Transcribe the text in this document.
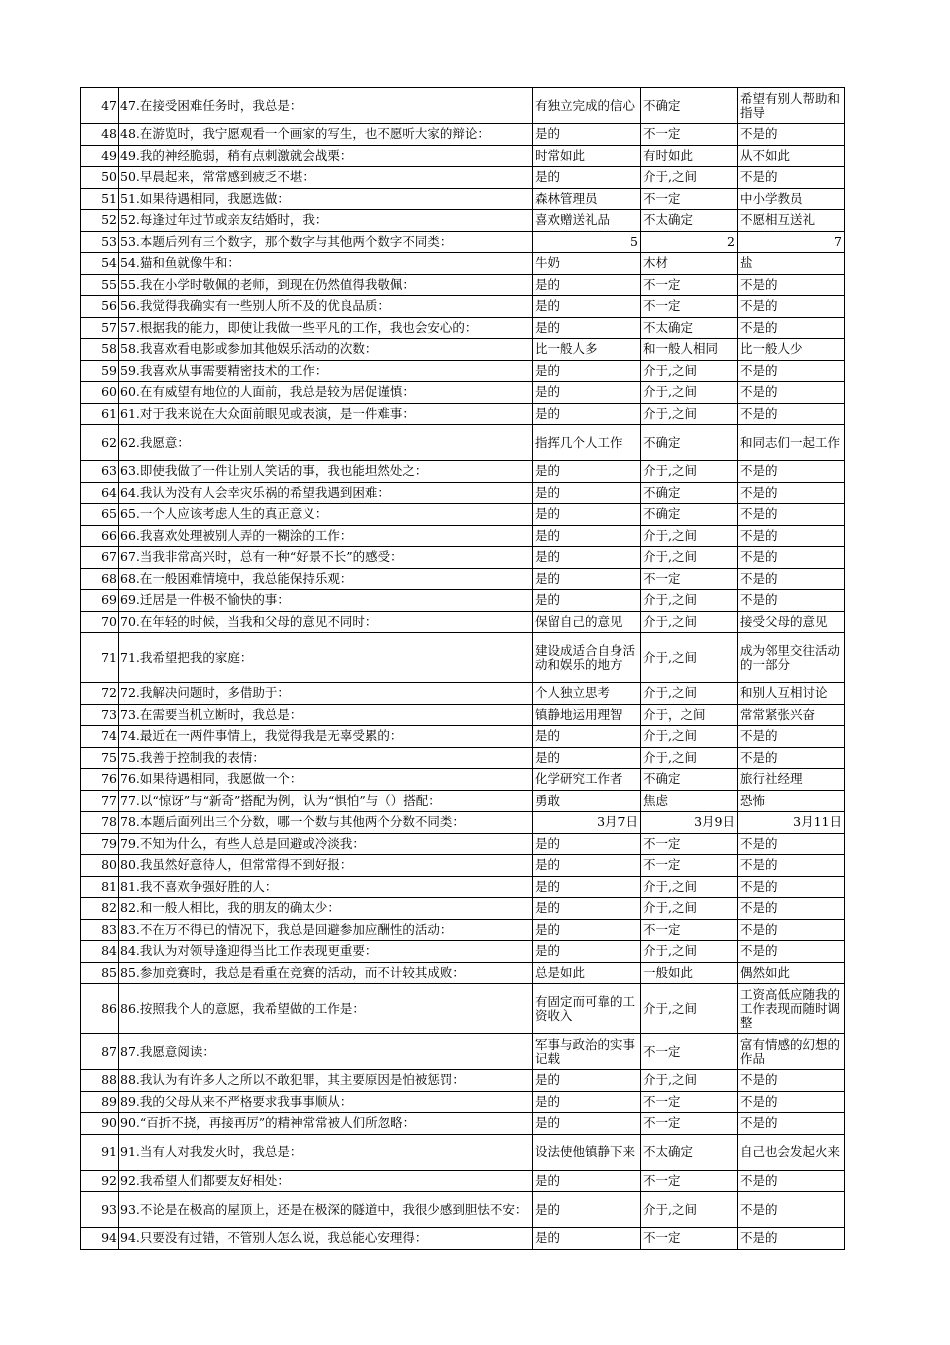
47	47.在接受困难任务时，我总是：	有独立完成的信心	不确定	希望有别人帮助和指导

48	48.在游览时，我宁愿观看一个画家的写生，也不愿听大家的辩论：	是的	不一定	不是的

49	49.我的神经脆弱，稍有点刺激就会战栗：	时常如此	有时如此	从不如此

50	50.早晨起来，常常感到疲乏不堪：	是的	介于,之间	不是的

51	51.如果待遇相同，我愿选做：	森林管理员	不一定	中小学教员

52	52.每逢过年过节或亲友结婚时，我：	喜欢赠送礼品	不太确定	不愿相互送礼

53	53.本题后列有三个数字，那个数字与其他两个数字不同类：	5	2	7

54	54.猫和鱼就像牛和：	牛奶	木材	盐

55	55.我在小学时敬佩的老师，到现在仍然值得我敬佩：	是的	不一定	不是的

56	56.我觉得我确实有一些别人所不及的优良品质：	是的	不一定	不是的

57	57.根据我的能力，即使让我做一些平凡的工作，我也会安心的：	是的	不太确定	不是的

58	58.我喜欢看电影或参加其他娱乐活动的次数：	比一般人多	和一般人相同	比一般人少

59	59.我喜欢从事需要精密技术的工作：	是的	介于,之间	不是的

60	60.在有威望有地位的人面前，我总是较为居促谨慎：	是的	介于,之间	不是的

61	61.对于我来说在大众面前眼见或表演，是一件难事：	是的	介于,之间	不是的

62	62.我愿意：	指挥几个人工作	不确定	和同志们一起工作

63	63.即使我做了一件让别人笑话的事，我也能坦然处之：	是的	介于,之间	不是的

64	64.我认为没有人会幸灾乐祸的希望我遇到困难：	是的	不确定	不是的

65	65.一个人应该考虑人生的真正意义：	是的	不确定	不是的

66	66.我喜欢处理被别人弄的一糊涂的工作：	是的	介于,之间	不是的

67	67.当我非常高兴时，总有一种“好景不长”的感受：	是的	介于,之间	不是的

68	68.在一般困难情境中，我总能保持乐观：	是的	不一定	不是的

69	69.迁居是一件极不愉快的事：	是的	介于,之间	不是的

70	70.在年轻的时候，当我和父母的意见不同时：	保留自己的意见	介于,之间	接受父母的意见

71	71.我希望把我的家庭：	建设成适合自身活动和娱乐的地方	介于,之间	成为邻里交往活动的一部分

72	72.我解决问题时，多借助于：	个人独立思考	介于,之间	和别人互相讨论

73	73.在需要当机立断时，我总是：	镇静地运用理智	介于，之间	常常紧张兴奋

74	74.最近在一两件事情上，我觉得我是无辜受累的：	是的	介于,之间	不是的

75	75.我善于控制我的表情：	是的	介于,之间	不是的

76	76.如果待遇相同，我愿做一个：	化学研究工作者	不确定	旅行社经理

77	77.以“惊讶”与“新奇”搭配为例，认为“惧怕”与（）搭配：	勇敢	焦虑	恐怖

78	78.本题后面列出三个分数，哪一个数与其他两个分数不同类：	3月7日	3月9日	3月11日

79	79.不知为什么，有些人总是回避或冷淡我：	是的	不一定	不是的

80	80.我虽然好意待人，但常常得不到好报：	是的	不一定	不是的

81	81.我不喜欢争强好胜的人：	是的	介于,之间	不是的

82	82.和一般人相比，我的朋友的确太少：	是的	介于,之间	不是的

83	83.不在万不得已的情况下，我总是回避参加应酬性的活动：	是的	不一定	不是的

84	84.我认为对领导逢迎得当比工作表现更重要：	是的	介于,之间	不是的

85	85.参加竞赛时，我总是看重在竞赛的活动，而不计较其成败：	总是如此	一般如此	偶然如此

86	86.按照我个人的意愿，我希望做的工作是：	有固定而可靠的工资收入	介于,之间	工资高低应随我的工作表现而随时调整

87	87.我愿意阅读：	军事与政治的实事记载	不一定	富有情感的幻想的作品

88	88.我认为有许多人之所以不敢犯罪，其主要原因是怕被惩罚：	是的	介于,之间	不是的

89	89.我的父母从来不严格要求我事事顺从：	是的	不一定	不是的

90	90.“百折不挠，再接再厉”的精神常常被人们所忽略：	是的	不一定	不是的

91	91.当有人对我发火时，我总是：	设法使他镇静下来	不太确定	自己也会发起火来

92	92.我希望人们都要友好相处：	是的	不一定	不是的

93	93.不论是在极高的屋顶上，还是在极深的隧道中，我很少感到胆怯不安：	是的	介于,之间	不是的

94	94.只要没有过错，不管别人怎么说，我总能心安理得：	是的	不一定	不是的
